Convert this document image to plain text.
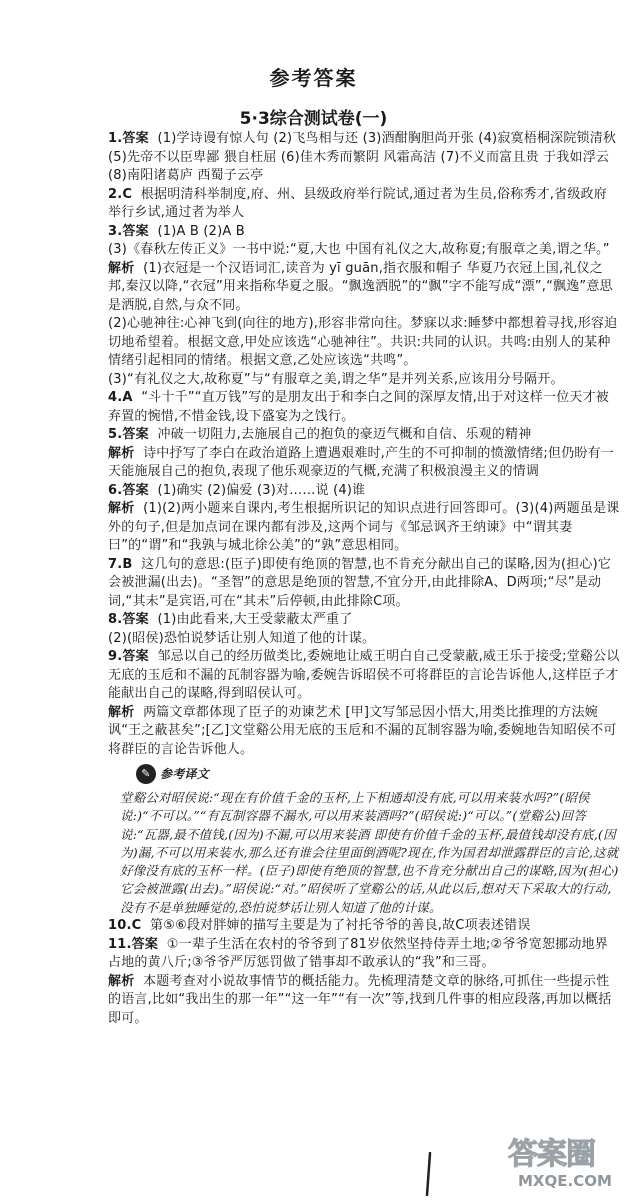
参考答案
5·3综合测试卷(一)

1.答案 (1)学诗谩有惊人句 (2)飞鸟相与还 (3)酒酣胸胆尚开张 (4)寂寞梧桐深院锁清秋 (5)先帝不以臣卑鄙 猥自枉屈 (6)佳木秀而繁阴 风霜高洁 (7)不义而富且贵 于我如浮云 (8)南阳诸葛庐 西蜀子云亭

2.C 根据明清科举制度,府、州、县级政府举行院试,通过者为生员,俗称秀才,省级政府举行乡试,通过者为举人

3.答案 (1)A B (2)A B

(3)《春秋左传正义》一书中说:“夏,大也 中国有礼仪之大,故称夏;有服章之美,谓之华。”

解析 (1)衣冠是一个汉语词汇,读音为 yī guān,指衣服和帽子 华夏乃衣冠上国,礼仪之邦,秦汉以降,“衣冠”用来指称华夏之服。“飘逸洒脱”的“飘”字不能写成“漂”,“飘逸”意思是洒脱,自然,与众不同。

(2)心驰神往:心神飞到(向往的地方),形容非常向往。梦寐以求:睡梦中都想着寻找,形容迫切地希望着。根据文意,甲处应该选“心驰神往”。共识:共同的认识。共鸣:由别人的某种情绪引起相同的情绪。根据文意,乙处应该选“共鸣”。

(3)“有礼仪之大,故称夏”与“有服章之美,谓之华”是并列关系,应该用分号隔开。

4.A “斗十千”“直万钱”写的是朋友出于和李白之间的深厚友情,出于对这样一位天才被弃置的惋惜,不惜金钱,设下盛宴为之饯行。

5.答案 冲破一切阻力,去施展自己的抱负的豪迈气概和自信、乐观的精神

解析 诗中抒写了李白在政治道路上遭遇艰难时,产生的不可抑制的愤激情绪;但仍盼有一天能施展自己的抱负,表现了他乐观豪迈的气概,充满了积极浪漫主义的情调

6.答案 (1)确实 (2)偏爱 (3)对……说 (4)谁

解析 (1)(2)两小题来自课内,考生根据所识记的知识点进行回答即可。(3)(4)两题虽是课外的句子,但是加点词在课内都有涉及,这两个词与《邹忌讽齐王纳谏》中“谓其妻曰”的“谓”和“我孰与城北徐公美”的“孰”意思相同。

7.B 这几句的意思:(臣子)即使有绝顶的智慧,也不肯充分献出自己的谋略,因为(担心)它会被泄漏(出去)。“圣智”的意思是绝顶的智慧,不宜分开,由此排除A、D两项;“尽”是动词,“其未”是宾语,可在“其未”后停顿,由此排除C项。

8.答案 (1)由此看来,大王受蒙蔽太严重了

(2)(昭侯)恐怕说梦话让别人知道了他的计谋。

9.答案 邹忌以自己的经历做类比,委婉地让威王明白自己受蒙蔽,威王乐于接受;堂谿公以无底的玉卮和不漏的瓦制容器为喻,委婉告诉昭侯不可将群臣的言论告诉他人,这样臣子才能献出自己的谋略,得到昭侯认可。

解析 两篇文章都体现了臣子的劝谏艺术 [甲]文写邹忌因小悟大,用类比推理的方法婉讽“王之蔽甚矣”;[乙]文堂谿公用无底的玉卮和不漏的瓦制容器为喻,委婉地告知昭侯不可将群臣的言论告诉他人。

✎ 参考译文
堂谿公对昭侯说:“现在有价值千金的玉杯,上下相通却没有底,可以用来装水吗?”(昭侯说:)“不可以。”“有瓦制容器不漏水,可以用来装酒吗?”(昭侯说:)“可以。”(堂谿公)回答说:“瓦器,最不值钱,(因为)不漏,可以用来装酒 即使有价值千金的玉杯,最值钱却没有底,(因为)漏,不可以用来装水,那么还有谁会往里面倒酒呢?现在,作为国君却泄露群臣的言论,这就好像没有底的玉杯一样。(臣子)即使有绝顶的智慧,也不肯充分献出自己的谋略,因为(担心)它会被泄露(出去)。”昭侯说:“对。”昭侯听了堂谿公的话,从此以后,想对天下采取大的行动,没有不是单独睡觉的,恐怕说梦话让别人知道了他的计谋。

10.C 第⑤⑥段对胖婶的描写主要是为了衬托爷爷的善良,故C项表述错误

11.答案 ①一辈子生活在农村的爷爷到了81岁依然坚持侍弄土地;②爷爷宽恕挪动地界占地的黄八斤;③爷爷严厉惩罚做了错事却不敢承认的“我”和三哥。

解析 本题考查对小说故事情节的概括能力。先梳理清楚文章的脉络,可抓住一些提示性的语言,比如“我出生的那一年”“这一年”“有一次”等,找到几件事的相应段落,再加以概括即可。

答案圈
MXQE.COM
